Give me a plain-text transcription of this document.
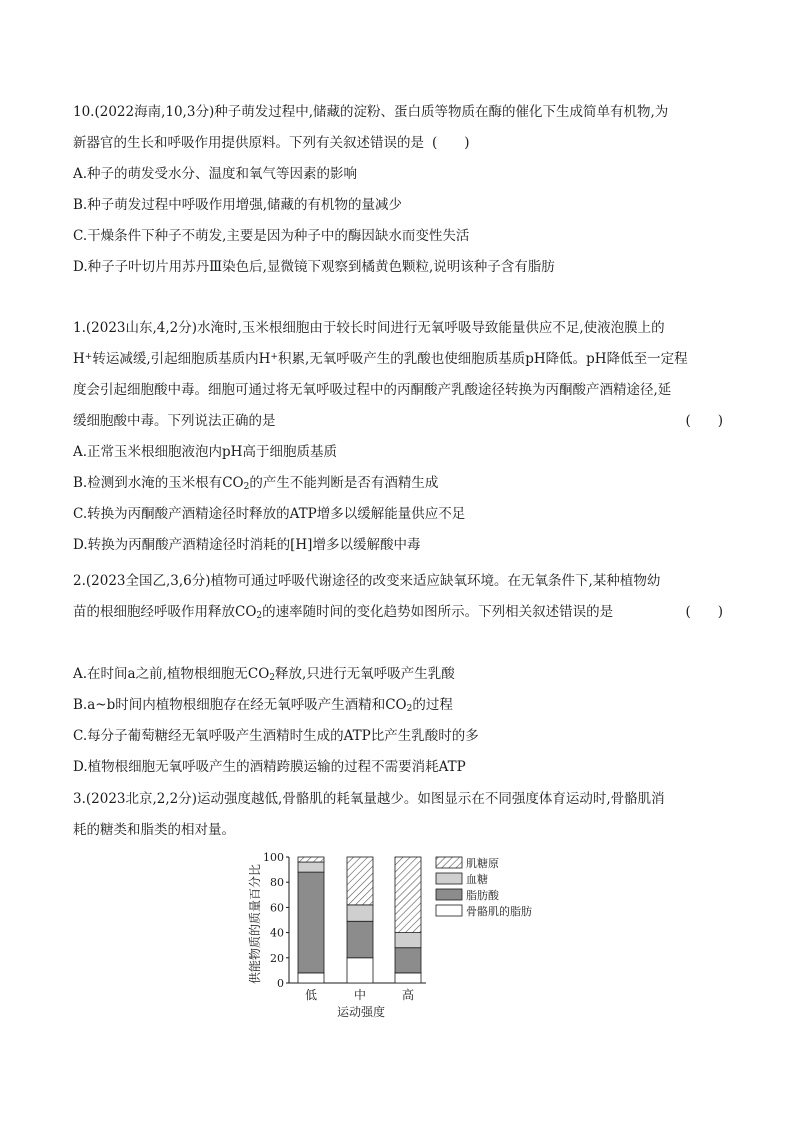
10.(2022海南,10,3分)种子萌发过程中,储藏的淀粉、蛋白质等物质在酶的催化下生成简单有机物,为
新器官的生长和呼吸作用提供原料。下列有关叙述错误的是 (　　)
A.种子的萌发受水分、温度和氧气等因素的影响
B.种子萌发过程中呼吸作用增强,储藏的有机物的量减少
C.干燥条件下种子不萌发,主要是因为种子中的酶因缺水而变性失活
D.种子子叶切片用苏丹Ⅲ染色后,显微镜下观察到橘黄色颗粒,说明该种子含有脂肪
1.(2023山东,4,2分)水淹时,玉米根细胞由于较长时间进行无氧呼吸导致能量供应不足,使液泡膜上的
H+转运减缓,引起细胞质基质内H+积累,无氧呼吸产生的乳酸也使细胞质基质pH降低。pH降低至一定程
度会引起细胞酸中毒。细胞可通过将无氧呼吸过程中的丙酮酸产乳酸途径转换为丙酮酸产酒精途径,延
缓细胞酸中毒。下列说法正确的是	(　　)
A.正常玉米根细胞液泡内pH高于细胞质基质
B.检测到水淹的玉米根有$CO_2$的产生不能判断是否有酒精生成
C.转换为丙酮酸产酒精途径时释放的ATP增多以缓解能量供应不足
D.转换为丙酮酸产酒精途径时消耗的[H]增多以缓解酸中毒
2.(2023全国乙,3,6分)植物可通过呼吸代谢途径的改变来适应缺氧环境。在无氧条件下,某种植物幼
苗的根细胞经呼吸作用释放$CO_2$的速率随时间的变化趋势如图所示。下列相关叙述错误的是	(　　)
A.在时间a之前,植物根细胞无$CO_2$释放,只进行无氧呼吸产生乳酸
B.a~b时间内植物根细胞存在经无氧呼吸产生酒精和$CO_2$的过程
C.每分子葡萄糖经无氧呼吸产生酒精时生成的ATP比产生乳酸时的多
D.植物根细胞无氧呼吸产生的酒精跨膜运输的过程不需要消耗ATP
3.(2023北京,2,2分)运动强度越低,骨骼肌的耗氧量越少。如图显示在不同强度体育运动时,骨骼肌消
耗的糖类和脂类的相对量。
供能物质的质量百分比 0
20
40
60
80
100
低	中	高
肌糖原
血糖
脂肪酸
骨骼肌的脂肪
运动强度
